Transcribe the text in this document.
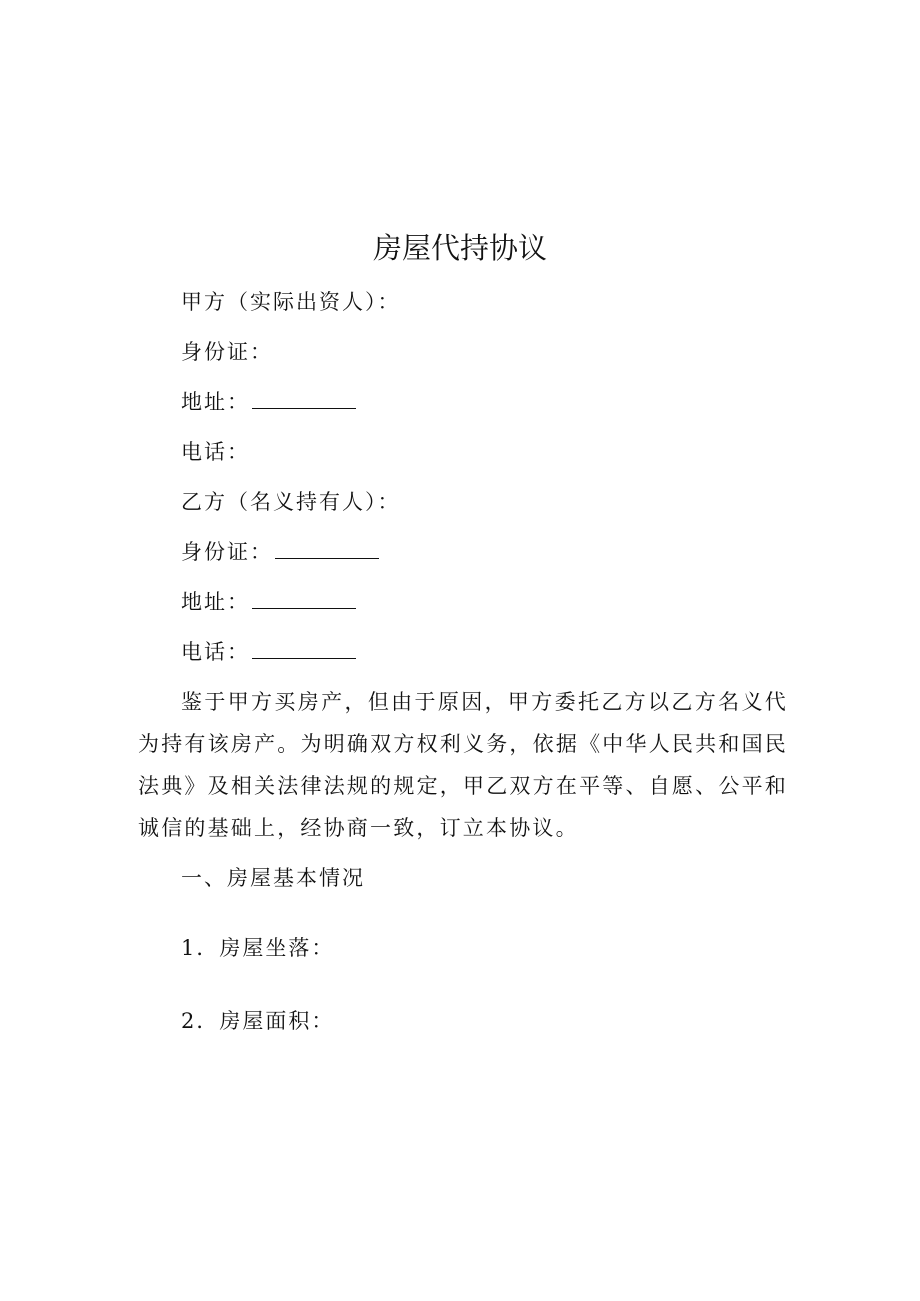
房屋代持协议

甲方（实际出资人）：

身份证：

地址：

电话：

乙方（名义持有人）：

身份证：

地址：

电话：

鉴于甲方买房产，但由于原因，甲方委托乙方以乙方名义代为持有该房产。为明确双方权利义务，依据《中华人民共和国民法典》及相关法律法规的规定，甲乙双方在平等、自愿、公平和诚信的基础上，经协商一致，订立本协议。

一、房屋基本情况

1．房屋坐落：

2．房屋面积：
